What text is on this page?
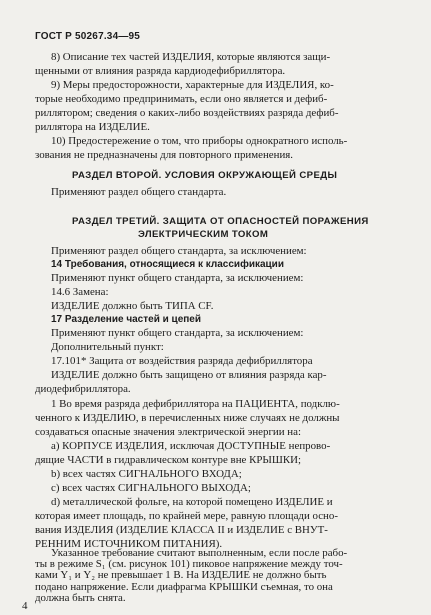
ГОСТ Р 50267.34—95
8) Описание тех частей ИЗДЕЛИЯ, которые являются защи-
щенными от влияния разряда кардиодефибриллятора.
9) Меры предосторожности, характерные для ИЗДЕЛИЯ, ко-
торые необходимо предпринимать, если оно является и дефиб-
риллятором; сведения о каких-либо воздействиях разряда дефиб-
риллятора на ИЗДЕЛИЕ.
10) Предостережение о том, что приборы однократного исполь-
зования не предназначены для повторного применения.
РАЗДЕЛ ВТОРОЙ. УСЛОВИЯ ОКРУЖАЮЩЕЙ СРЕДЫ
Применяют раздел общего стандарта.
РАЗДЕЛ ТРЕТИЙ. ЗАЩИТА ОТ ОПАСНОСТЕЙ ПОРАЖЕНИЯ
ЭЛЕКТРИЧЕСКИМ ТОКОМ
Применяют раздел общего стандарта, за исключением:
14 Требования, относящиеся к классификации
Применяют пункт общего стандарта, за исключением:
14.6 Замена:
ИЗДЕЛИЕ должно быть ТИПА CF.
17 Разделение частей и цепей
Применяют пункт общего стандарта, за исключением:
Дополнительный пункт:
17.101* Защита от воздействия разряда дефибриллятора
ИЗДЕЛИЕ должно быть защищено от влияния разряда кар-
диодефибриллятора.
1 Во время разряда дефибриллятора на ПАЦИЕНТА, подклю-
ченного к ИЗДЕЛИЮ, в перечисленных ниже случаях не должны
создаваться опасные значения электрической энергии на:
а) КОРПУСЕ ИЗДЕЛИЯ, исключая ДОСТУПНЫЕ непрово-
дящие ЧАСТИ в гидравлическом контуре вне КРЫШКИ;
b) всех частях СИГНАЛЬНОГО ВХОДА;
с) всех частях СИГНАЛЬНОГО ВЫХОДА;
d) металлической фольге, на которой помещено ИЗДЕЛИЕ и
которая имеет площадь, по крайней мере, равную площади осно-
вания ИЗДЕЛИЯ (ИЗДЕЛИЕ КЛАССА II и ИЗДЕЛИЕ с ВНУТ-
РЕННИМ ИСТОЧНИКОМ ПИТАНИЯ).
Указанное требование считают выполненным, если после рабо-
ты в режиме S₁ (см. рисунок 101) пиковое напряжение между точ-
ками Y₁ и Y₂ не превышает 1 В. На ИЗДЕЛИЕ не должно быть
подано напряжение. Если диафрагма КРЫШКИ съемная, то она
должна быть снята.
4
